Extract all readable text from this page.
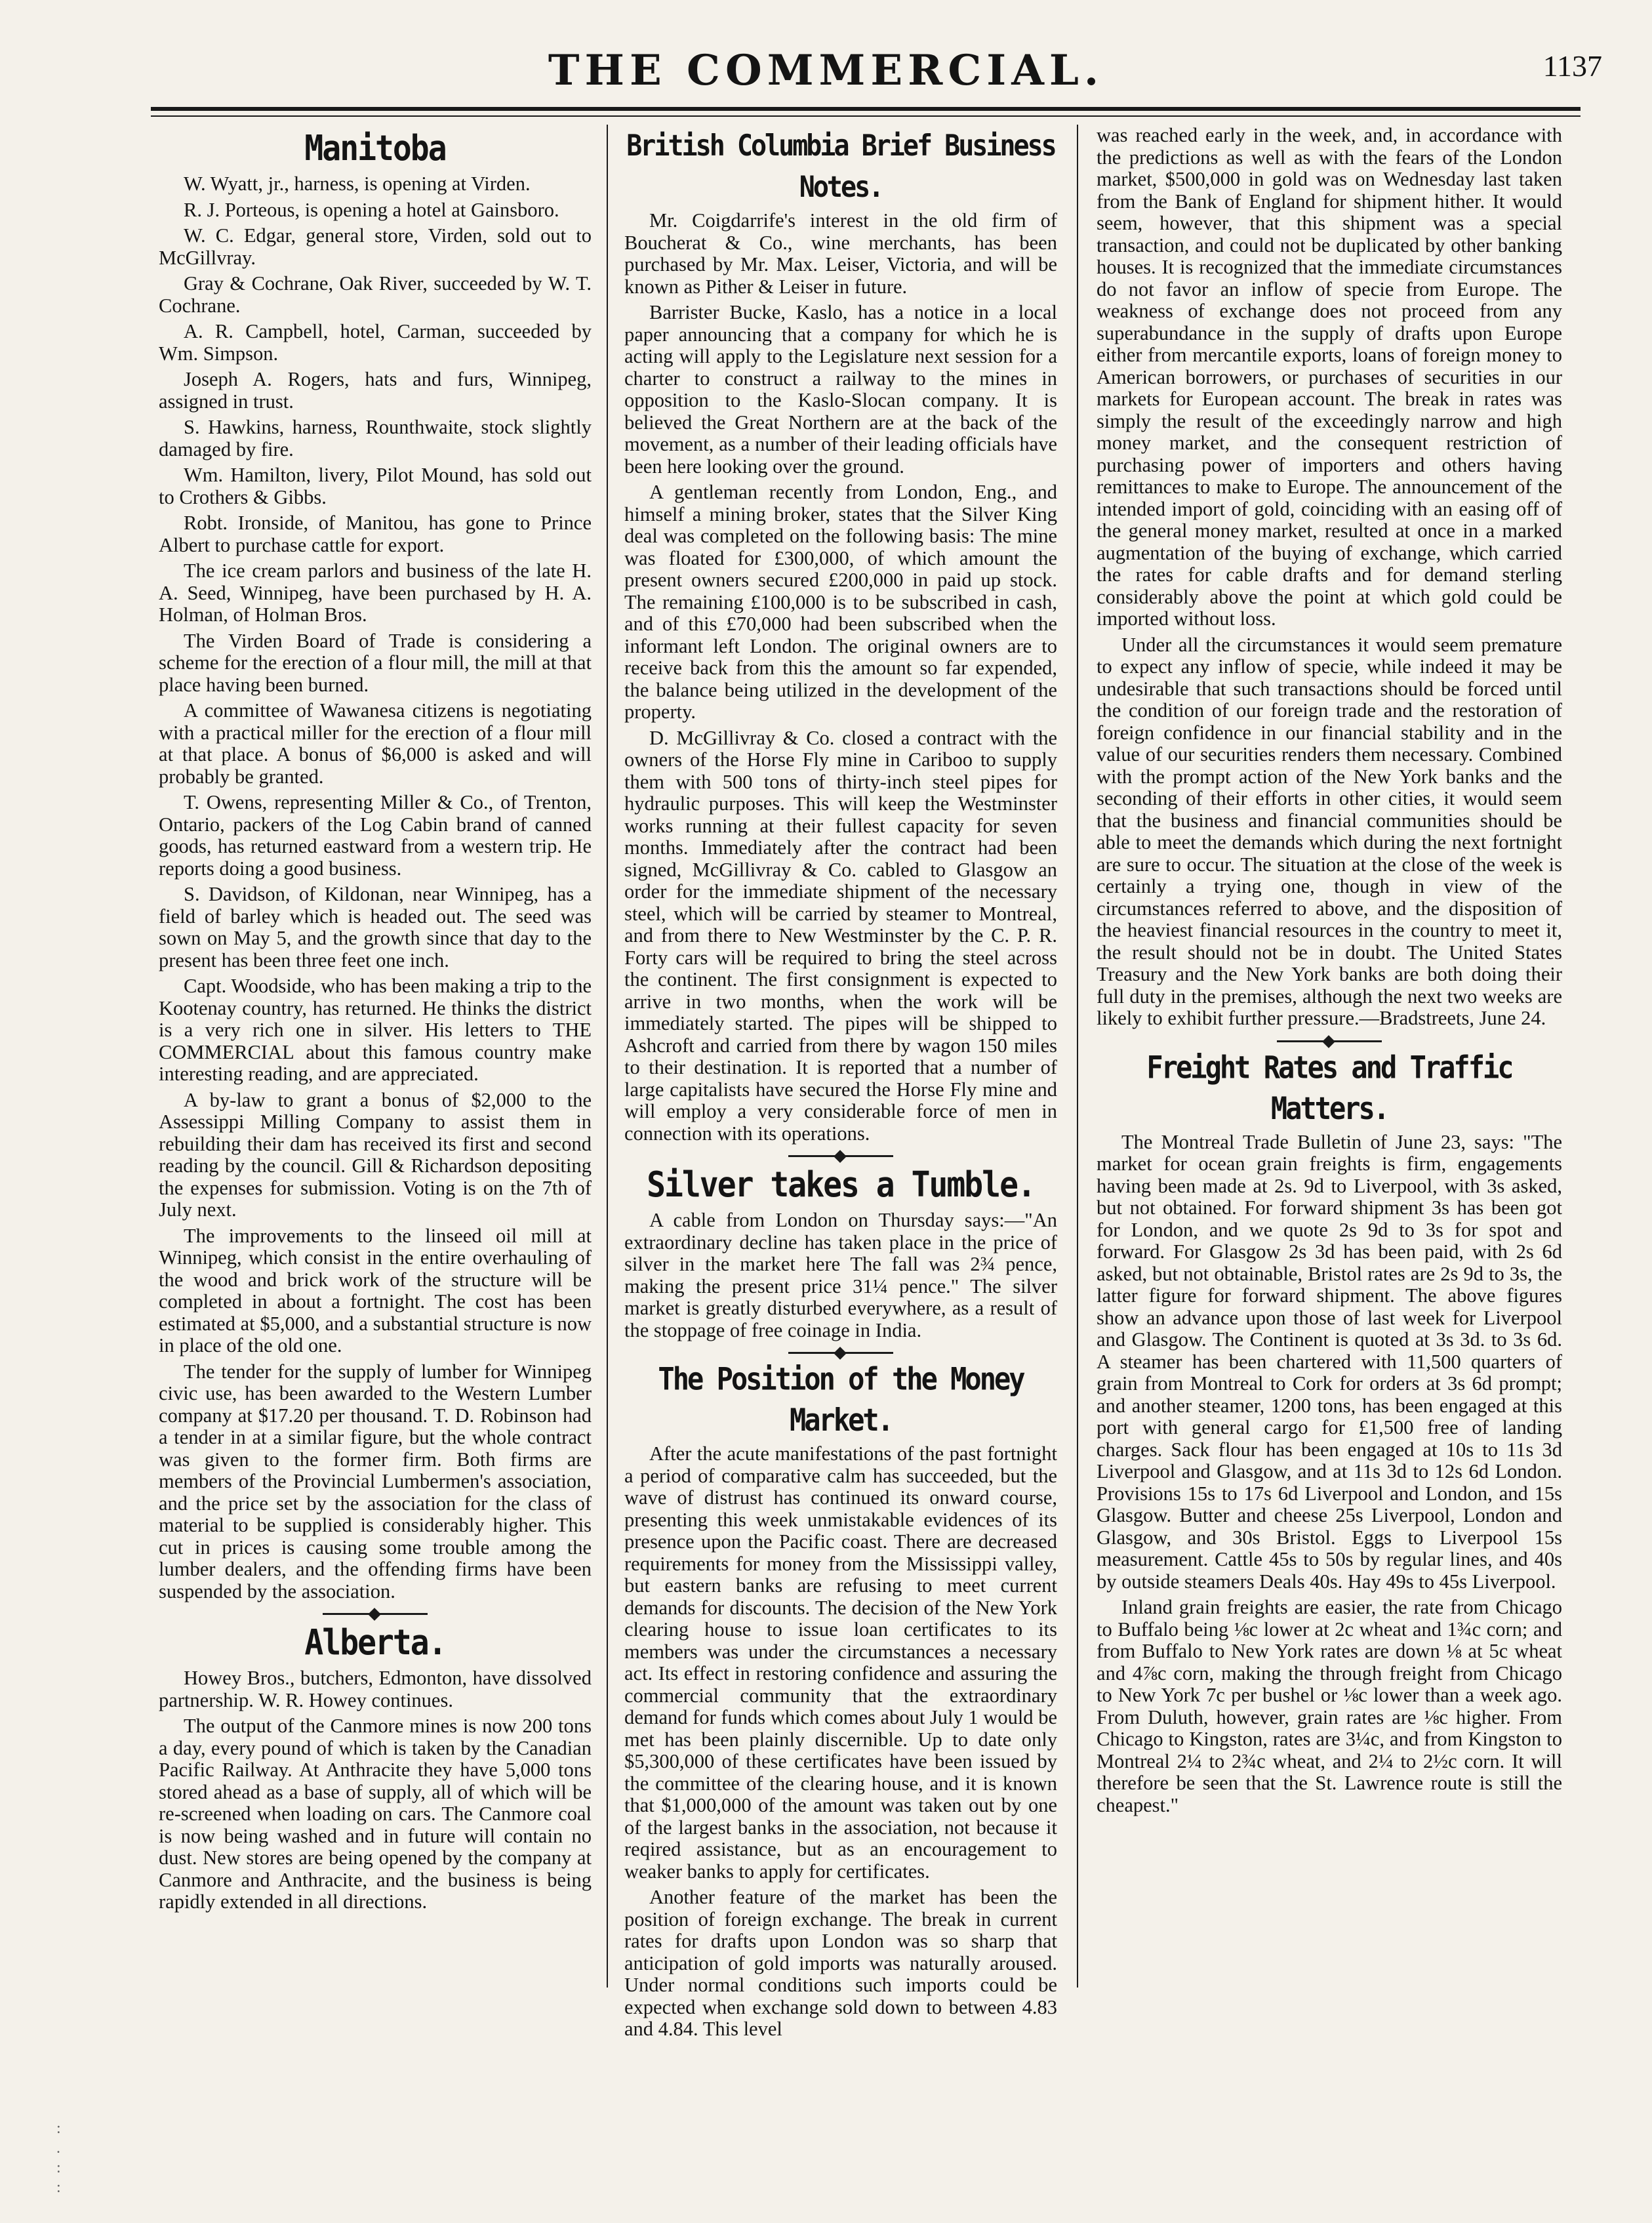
THE COMMERCIAL.	1137
Manitoba

W. Wyatt, jr., harness, is opening at Virden.

R. J. Porteous, is opening a hotel at Gainsboro.

W. C. Edgar, general store, Virden, sold out to McGillvray.

Gray & Cochrane, Oak River, succeeded by W. T. Cochrane.

A. R. Campbell, hotel, Carman, succeeded by Wm. Simpson.

Joseph A. Rogers, hats and furs, Winnipeg, assigned in trust.

S. Hawkins, harness, Rounthwaite, stock slightly damaged by fire.

Wm. Hamilton, livery, Pilot Mound, has sold out to Crothers & Gibbs.

Robt. Ironside, of Manitou, has gone to Prince Albert to purchase cattle for export.

The ice cream parlors and business of the late H. A. Seed, Winnipeg, have been purchased by H. A. Holman, of Holman Bros.

The Virden Board of Trade is considering a scheme for the erection of a flour mill, the mill at that place having been burned.

A committee of Wawanesa citizens is negotiating with a practical miller for the erection of a flour mill at that place. A bonus of $6,000 is asked and will probably be granted.

T. Owens, representing Miller & Co., of Trenton, Ontario, packers of the Log Cabin brand of canned goods, has returned eastward from a western trip. He reports doing a good business.

S. Davidson, of Kildonan, near Winnipeg, has a field of barley which is headed out. The seed was sown on May 5, and the growth since that day to the present has been three feet one inch.

Capt. Woodside, who has been making a trip to the Kootenay country, has returned. He thinks the district is a very rich one in silver. His letters to THE COMMERCIAL about this famous country make interesting reading, and are appreciated.

A by-law to grant a bonus of $2,000 to the Assessippi Milling Company to assist them in rebuilding their dam has received its first and second reading by the council. Gill & Richardson depositing the expenses for submission. Voting is on the 7th of July next.

The improvements to the linseed oil mill at Winnipeg, which consist in the entire overhauling of the wood and brick work of the structure will be completed in about a fortnight. The cost has been estimated at $5,000, and a substantial structure is now in place of the old one.

The tender for the supply of lumber for Winnipeg civic use, has been awarded to the Western Lumber company at $17.20 per thousand. T. D. Robinson had a tender in at a similar figure, but the whole contract was given to the former firm. Both firms are members of the Provincial Lumbermen's association, and the price set by the association for the class of material to be supplied is considerably higher. This cut in prices is causing some trouble among the lumber dealers, and the offending firms have been suspended by the association.

Alberta.

Howey Bros., butchers, Edmonton, have dissolved partnership. W. R. Howey continues.

The output of the Canmore mines is now 200 tons a day, every pound of which is taken by the Canadian Pacific Railway. At Anthracite they have 5,000 tons stored ahead as a base of supply, all of which will be re-screened when loading on cars. The Canmore coal is now being washed and in future will contain no dust. New stores are being opened by the company at Canmore and Anthracite, and the business is being rapidly extended in all directions.

British Columbia Brief Business Notes.

Mr. Coigdarrife's interest in the old firm of Boucherat & Co., wine merchants, has been purchased by Mr. Max. Leiser, Victoria, and will be known as Pither & Leiser in future.

Barrister Bucke, Kaslo, has a notice in a local paper announcing that a company for which he is acting will apply to the Legislature next session for a charter to construct a railway to the mines in opposition to the Kaslo-Slocan company. It is believed the Great Northern are at the back of the movement, as a number of their leading officials have been here looking over the ground.

A gentleman recently from London, Eng., and himself a mining broker, states that the Silver King deal was completed on the following basis: The mine was floated for £300,000, of which amount the present owners secured £200,000 in paid up stock. The remaining £100,000 is to be subscribed in cash, and of this £70,000 had been subscribed when the informant left London. The original owners are to receive back from this the amount so far expended, the balance being utilized in the development of the property.

D. McGillivray & Co. closed a contract with the owners of the Horse Fly mine in Cariboo to supply them with 500 tons of thirty-inch steel pipes for hydraulic purposes. This will keep the Westminster works running at their fullest capacity for seven months. Immediately after the contract had been signed, McGillivray & Co. cabled to Glasgow an order for the immediate shipment of the necessary steel, which will be carried by steamer to Montreal, and from there to New Westminster by the C. P. R. Forty cars will be required to bring the steel across the continent. The first consignment is expected to arrive in two months, when the work will be immediately started. The pipes will be shipped to Ashcroft and carried from there by wagon 150 miles to their destination. It is reported that a number of large capitalists have secured the Horse Fly mine and will employ a very considerable force of men in connection with its operations.

Silver takes a Tumble.

A cable from London on Thursday says:—"An extraordinary decline has taken place in the price of silver in the market here The fall was 2¾ pence, making the present price 31¼ pence." The silver market is greatly disturbed everywhere, as a result of the stoppage of free coinage in India.

The Position of the Money Market.

After the acute manifestations of the past fortnight a period of comparative calm has succeeded, but the wave of distrust has continued its onward course, presenting this week unmistakable evidences of its presence upon the Pacific coast. There are decreased requirements for money from the Mississippi valley, but eastern banks are refusing to meet current demands for discounts. The decision of the New York clearing house to issue loan certificates to its members was under the circumstances a necessary act. Its effect in restoring confidence and assuring the commercial community that the extraordinary demand for funds which comes about July 1 would be met has been plainly discernible. Up to date only $5,300,000 of these certificates have been issued by the committee of the clearing house, and it is known that $1,000,000 of the amount was taken out by one of the largest banks in the association, not because it reqired assistance, but as an encouragement to weaker banks to apply for certificates.

Another feature of the market has been the position of foreign exchange. The break in current rates for drafts upon London was so sharp that anticipation of gold imports was naturally aroused. Under normal conditions such imports could be expected when exchange sold down to between 4.83 and 4.84. This level

was reached early in the week, and, in accordance with the predictions as well as with the fears of the London market, $500,000 in gold was on Wednesday last taken from the Bank of England for shipment hither. It would seem, however, that this shipment was a special transaction, and could not be duplicated by other banking houses. It is recognized that the immediate circumstances do not favor an inflow of specie from Europe. The weakness of exchange does not proceed from any superabundance in the supply of drafts upon Europe either from mercantile exports, loans of foreign money to American borrowers, or purchases of securities in our markets for European account. The break in rates was simply the result of the exceedingly narrow and high money market, and the consequent restriction of purchasing power of importers and others having remittances to make to Europe. The announcement of the intended import of gold, coinciding with an easing off of the general money market, resulted at once in a marked augmentation of the buying of exchange, which carried the rates for cable drafts and for demand sterling considerably above the point at which gold could be imported without loss.

Under all the circumstances it would seem premature to expect any inflow of specie, while indeed it may be undesirable that such transactions should be forced until the condition of our foreign trade and the restoration of foreign confidence in our financial stability and in the value of our securities renders them necessary. Combined with the prompt action of the New York banks and the seconding of their efforts in other cities, it would seem that the business and financial communities should be able to meet the demands which during the next fortnight are sure to occur. The situation at the close of the week is certainly a trying one, though in view of the circumstances referred to above, and the disposition of the heaviest financial resources in the country to meet it, the result should not be in doubt. The United States Treasury and the New York banks are both doing their full duty in the premises, although the next two weeks are likely to exhibit further pressure.—Bradstreets, June 24.

Freight Rates and Traffic Matters.

The Montreal Trade Bulletin of June 23, says: "The market for ocean grain freights is firm, engagements having been made at 2s. 9d to Liverpool, with 3s asked, but not obtained. For forward shipment 3s has been got for London, and we quote 2s 9d to 3s for spot and forward. For Glasgow 2s 3d has been paid, with 2s 6d asked, but not obtainable, Bristol rates are 2s 9d to 3s, the latter figure for forward shipment. The above figures show an advance upon those of last week for Liverpool and Glasgow. The Continent is quoted at 3s 3d. to 3s 6d. A steamer has been chartered with 11,500 quarters of grain from Montreal to Cork for orders at 3s 6d prompt; and another steamer, 1200 tons, has been engaged at this port with general cargo for £1,500 free of landing charges. Sack flour has been engaged at 10s to 11s 3d Liverpool and Glasgow, and at 11s 3d to 12s 6d London. Provisions 15s to 17s 6d Liverpool and London, and 15s Glasgow. Butter and cheese 25s Liverpool, London and Glasgow, and 30s Bristol. Eggs to Liverpool 15s measurement. Cattle 45s to 50s by regular lines, and 40s by outside steamers Deals 40s. Hay 49s to 45s Liverpool.

Inland grain freights are easier, the rate from Chicago to Buffalo being ⅛c lower at 2c wheat and 1¾c corn; and from Buffalo to New York rates are down ⅛ at 5c wheat and 4⅞c corn, making the through freight from Chicago to New York 7c per bushel or ⅛c lower than a week ago. From Duluth, however, grain rates are ⅛c higher. From Chicago to Kingston, rates are 3¼c, and from Kingston to Montreal 2¼ to 2¾c wheat, and 2¼ to 2½c corn. It will therefore be seen that the St. Lawrence route is still the cheapest."

:
.
:
:
